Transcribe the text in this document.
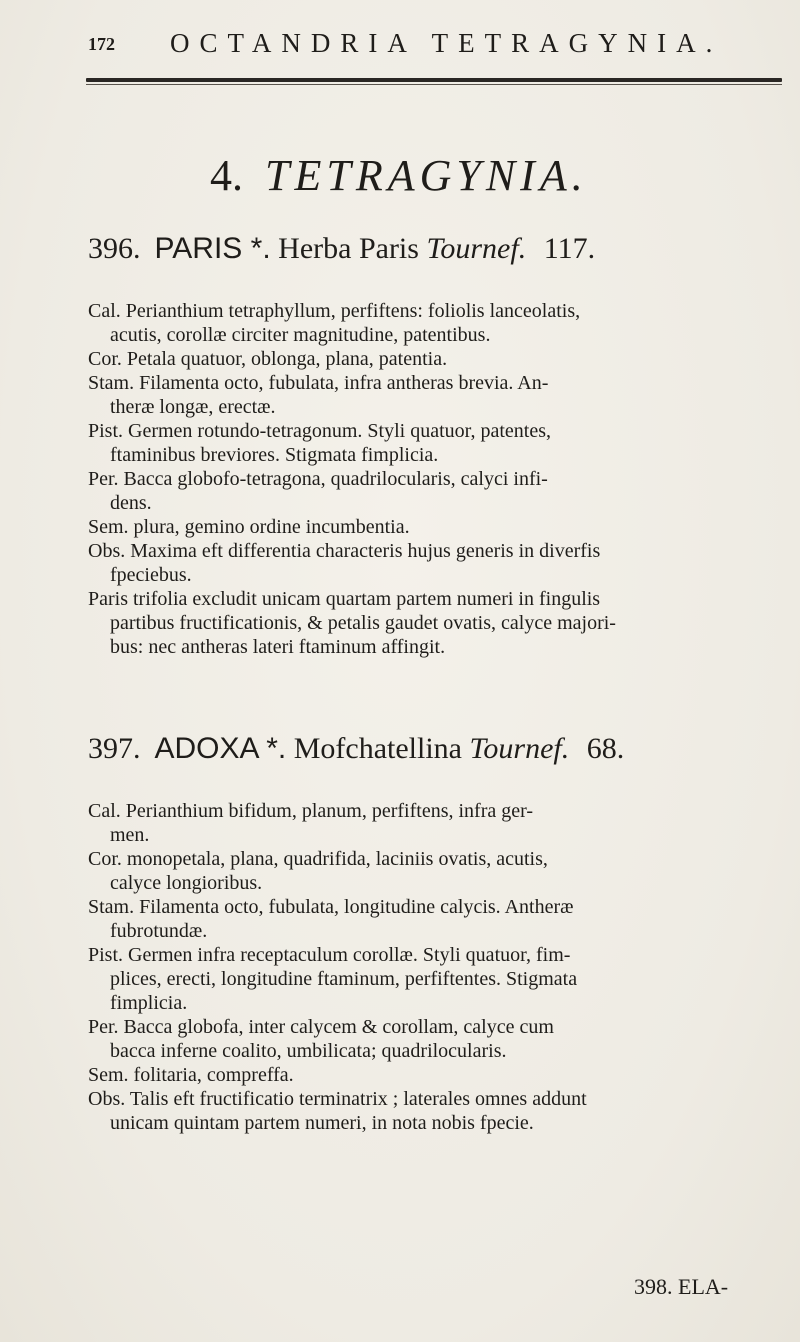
172 OCTANDRIA TETRAGYNIA.
4. TETRAGYNIA.
396. PARIS *. Herba Paris Tournef. 117.
Cal. Perianthium tetraphyllum, perfiftens: foliolis lanceolatis,
acutis, corollæ circiter magnitudine, patentibus.
Cor. Petala quatuor, oblonga, plana, patentia.
Stam. Filamenta octo, fubulata, infra antheras brevia. An-
theræ longæ, erectæ.
Pist. Germen rotundo-tetragonum. Styli quatuor, patentes,
ftaminibus breviores. Stigmata fimplicia.
Per. Bacca globofo-tetragona, quadrilocularis, calyci infi-
dens.
Sem. plura, gemino ordine incumbentia.
Obs. Maxima eft differentia characteris hujus generis in diverfis
fpeciebus.
Paris trifolia excludit unicam quartam partem numeri in fingulis
partibus fructificationis, & petalis gaudet ovatis, calyce majori-
bus: nec antheras lateri ftaminum affingit.
397. ADOXA *. Mofchatellina Tournef. 68.
Cal. Perianthium bifidum, planum, perfiftens, infra ger-
men.
Cor. monopetala, plana, quadrifida, laciniis ovatis, acutis,
calyce longioribus.
Stam. Filamenta octo, fubulata, longitudine calycis. Antheræ
fubrotundæ.
Pist. Germen infra receptaculum corollæ. Styli quatuor, fim-
plices, erecti, longitudine ftaminum, perfiftentes. Stigmata
fimplicia.
Per. Bacca globofa, inter calycem & corollam, calyce cum
bacca inferne coalito, umbilicata; quadrilocularis.
Sem. folitaria, compreffa.
Obs. Talis eft fructificatio terminatrix ; laterales omnes addunt
unicam quintam partem numeri, in nota nobis fpecie.
398. ELA-
